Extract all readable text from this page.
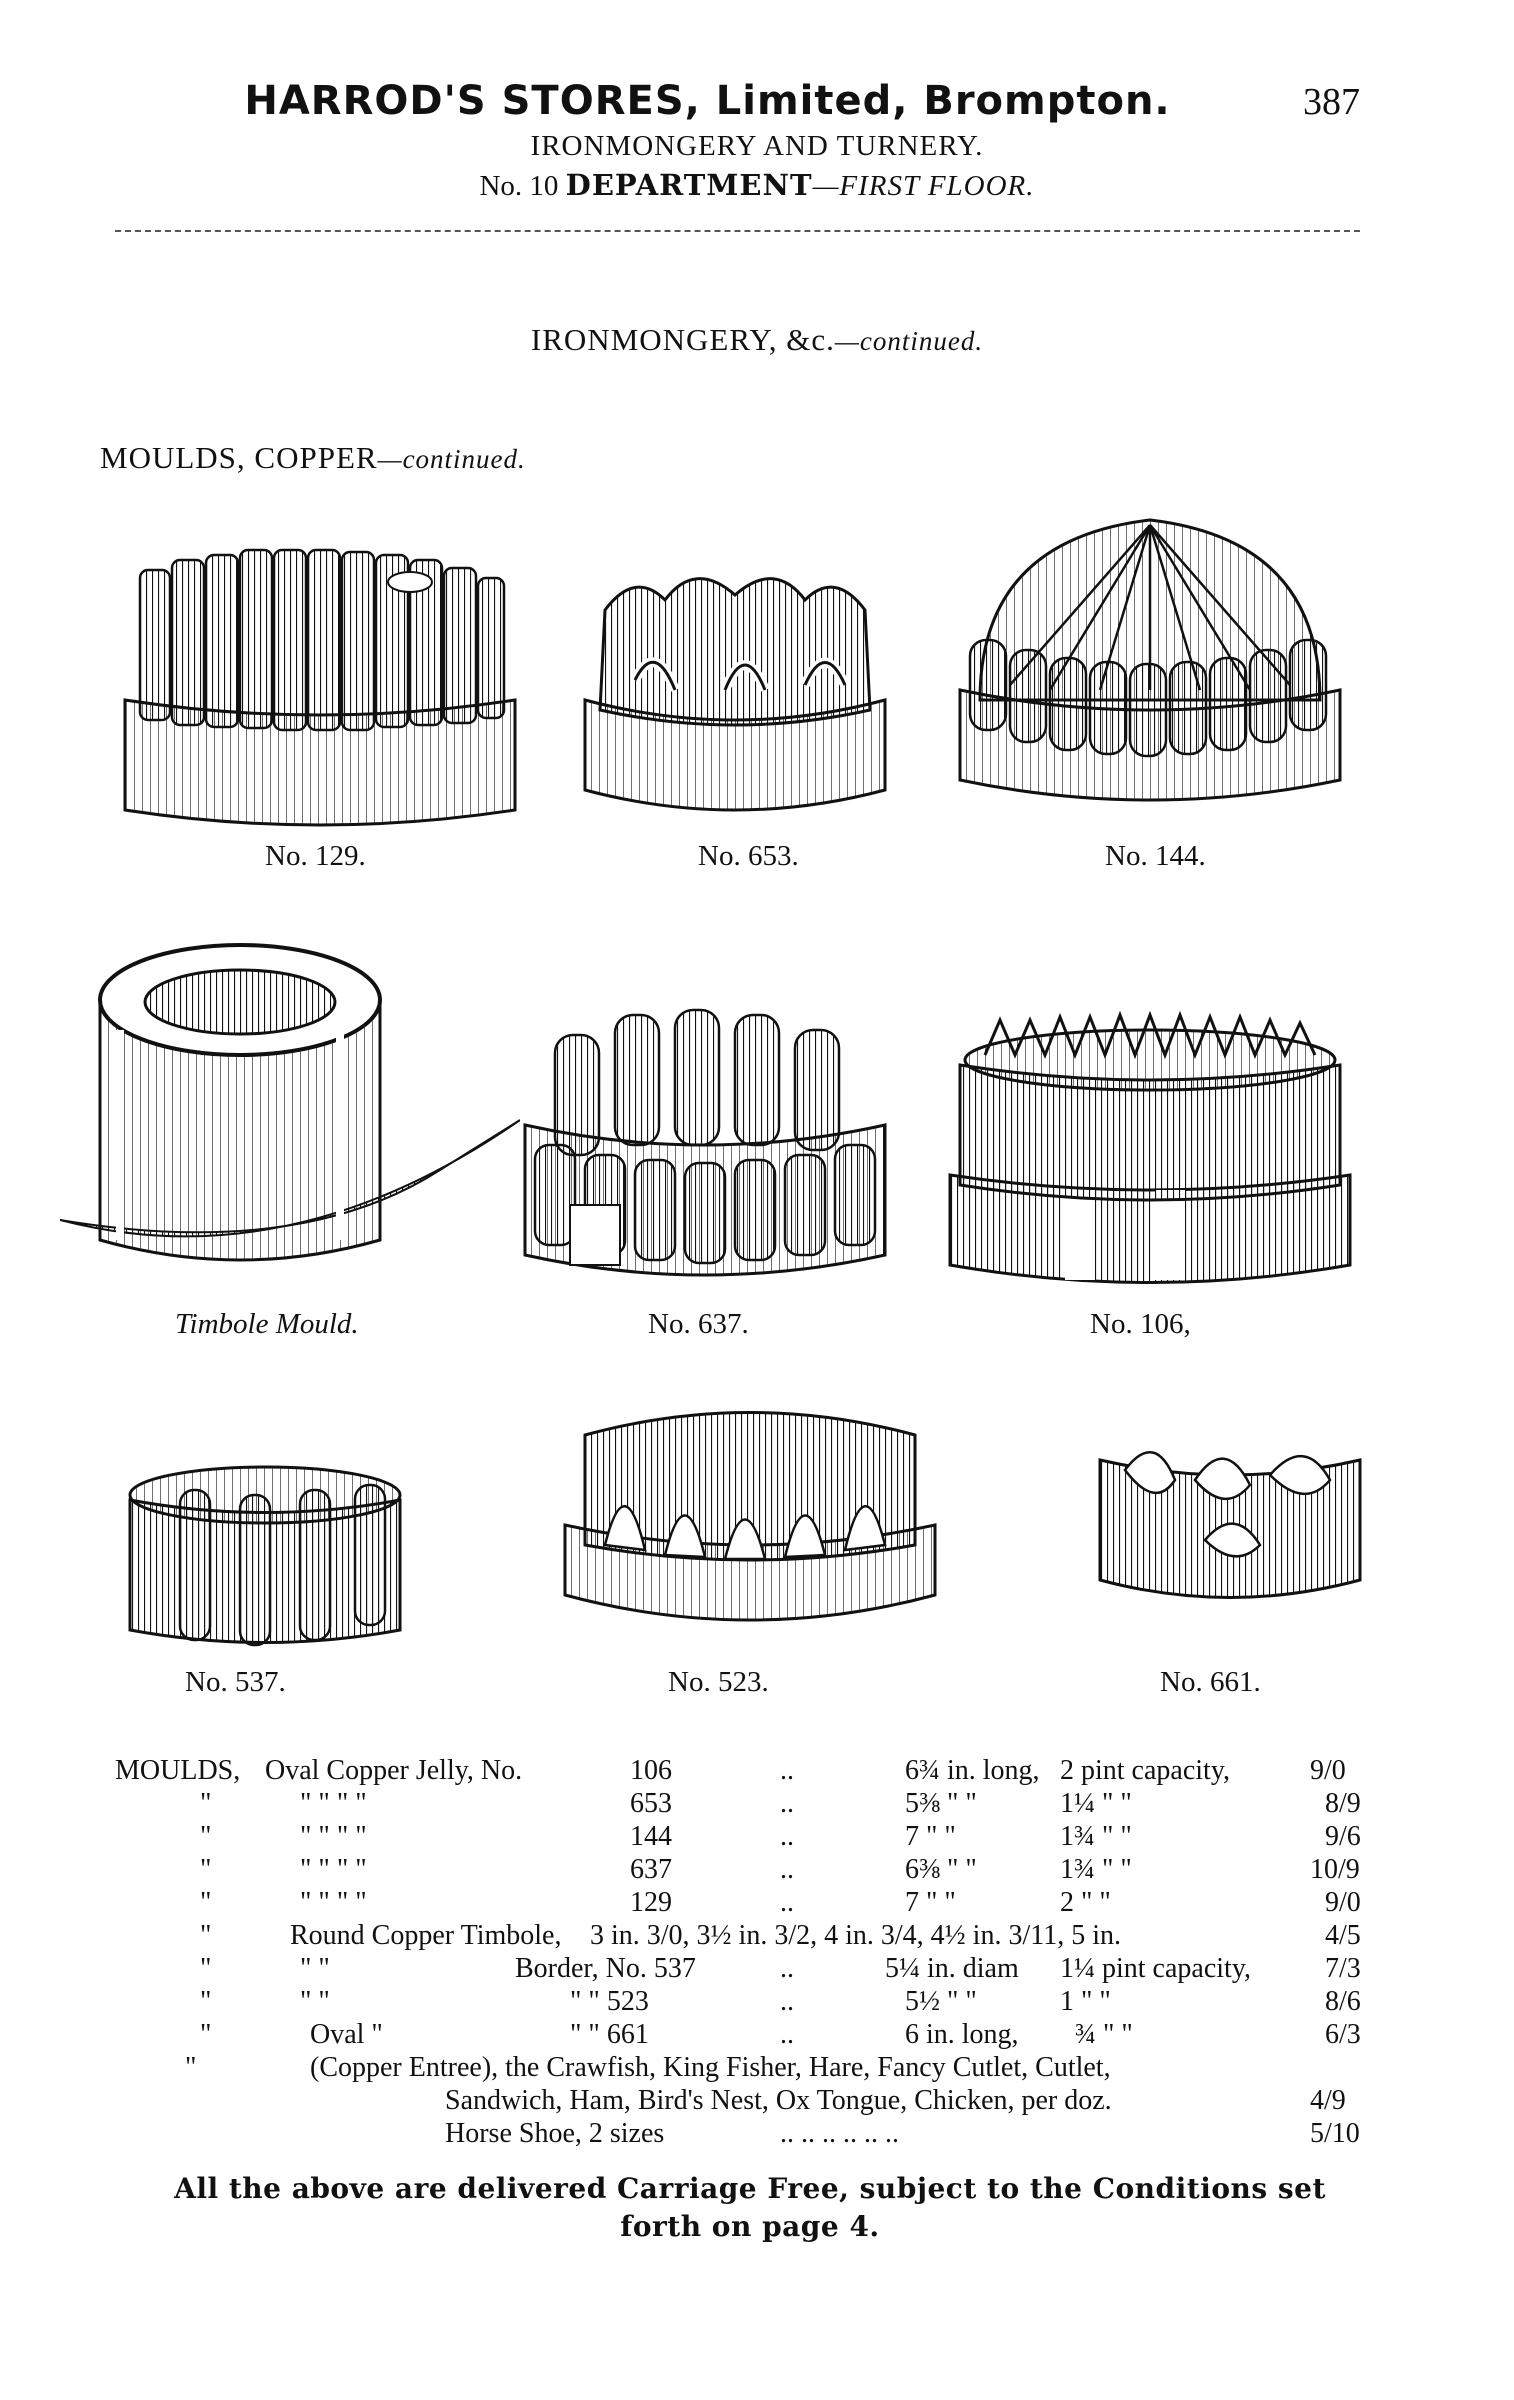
HARROD'S STORES, Limited, Brompton.	387
IRONMONGERY AND TURNERY.
No. 10 DEPARTMENT—FIRST FLOOR.
IRONMONGERY, &c.—continued.
MOULDS, COPPER—continued.
No. 129.	No. 653.	No. 144.
Timbole Mould.	No. 637.	No. 106,
No. 537.	No. 523.	No. 661.
MOULDS, Oval Copper Jelly, No.	106	..	6¾ in. long, 2 pint capacity,	9/0
"	" " " "	653	..	5⅜ " "	1¼ " "	8/9
"	" " " "	144	..	7 " "	1¾ " "	9/6
"	" " " "	637	..	6⅜ " "	1¾ " "	10/9
"	" " " "	129	..	7 " "	2 " "	9/0
"	Round Copper Timbole, 3 in. 3/0, 3½ in. 3/2, 4 in. 3/4, 4½ in. 3/11, 5 in.	4/5
"	" "	Border, No. 537	..	5¼ in. diam 1¼ pint capacity,	7/3
"	" "	" " 523	..	5½ " "	1 " "	8/6
"	Oval "	" " 661	..	6 in. long, ¾ " "	6/3
"	(Copper Entree), the Crawfish, King Fisher, Hare, Fancy Cutlet, Cutlet,
Sandwich, Ham, Bird's Nest, Ox Tongue, Chicken, per doz.	4/9
Horse Shoe, 2 sizes	.. .. .. .. .. ..	5/10
All the above are delivered Carriage Free, subject to the Conditions set
forth on page 4.
